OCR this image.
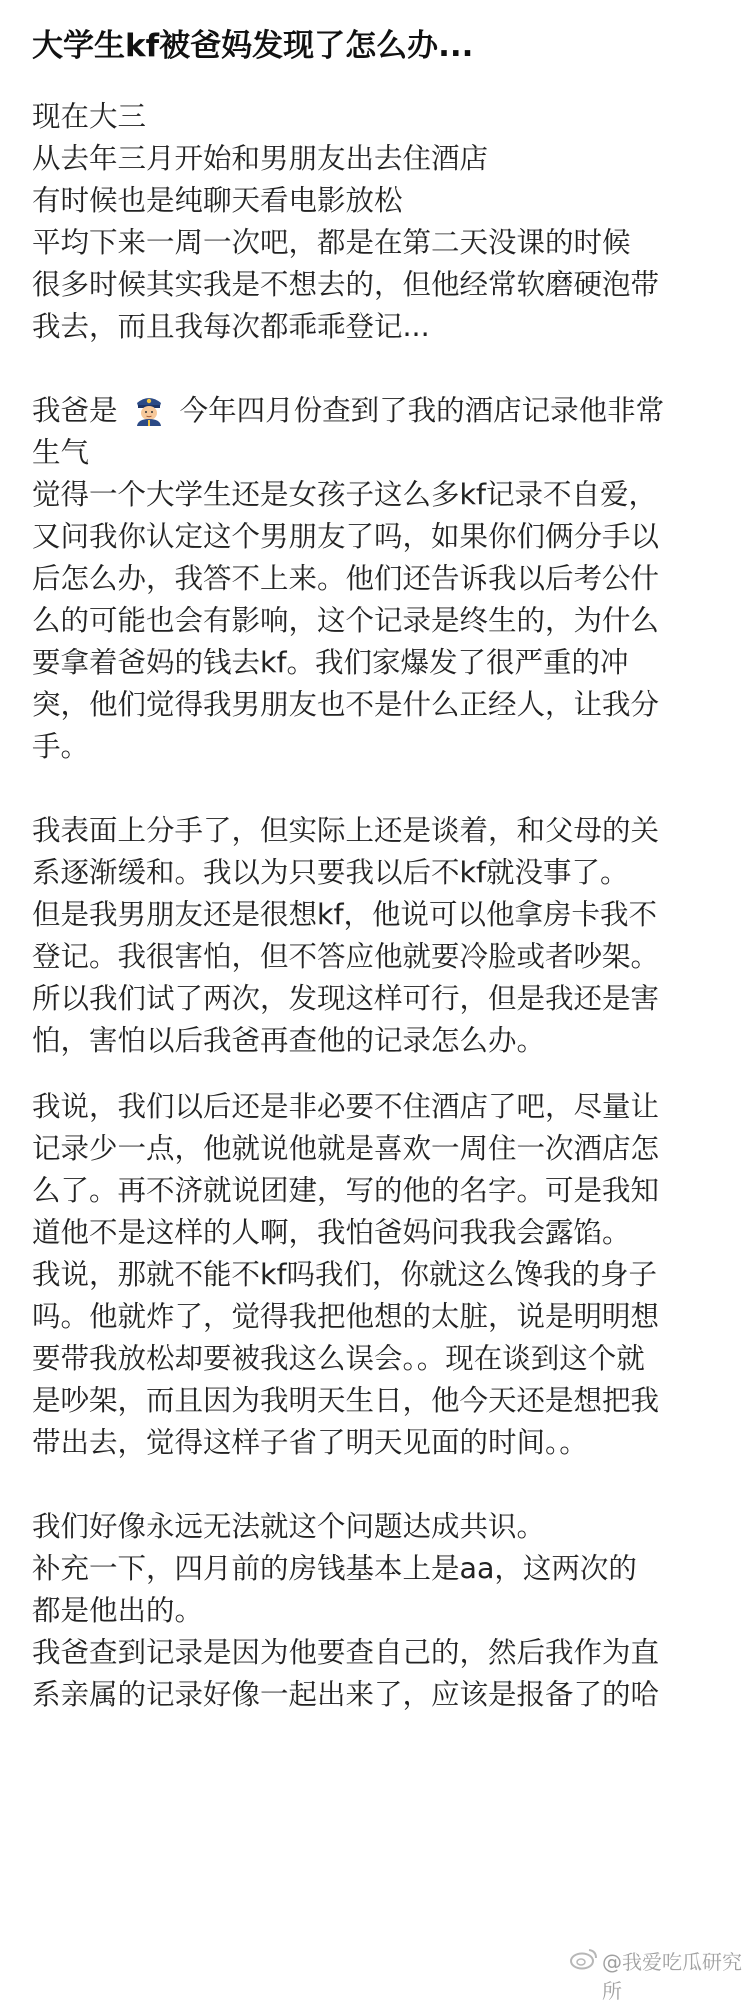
大学生kf被爸妈发现了怎么办...
现在大三
从去年三月开始和男朋友出去住酒店
有时候也是纯聊天看电影放松
平均下来一周一次吧，都是在第二天没课的时候
很多时候其实我是不想去的，但他经常软磨硬泡带
我去，而且我每次都乖乖登记...
我爸是 今年四月份查到了我的酒店记录他非常
生气
觉得一个大学生还是女孩子这么多kf记录不自爱，
又问我你认定这个男朋友了吗，如果你们俩分手以
后怎么办，我答不上来。他们还告诉我以后考公什
么的可能也会有影响，这个记录是终生的，为什么
要拿着爸妈的钱去kf。我们家爆发了很严重的冲
突，他们觉得我男朋友也不是什么正经人，让我分
手。
我表面上分手了，但实际上还是谈着，和父母的关
系逐渐缓和。我以为只要我以后不kf就没事了。
但是我男朋友还是很想kf，他说可以他拿房卡我不
登记。我很害怕，但不答应他就要冷脸或者吵架。
所以我们试了两次，发现这样可行，但是我还是害
怕，害怕以后我爸再查他的记录怎么办。
我说，我们以后还是非必要不住酒店了吧，尽量让
记录少一点，他就说他就是喜欢一周住一次酒店怎
么了。再不济就说团建，写的他的名字。可是我知
道他不是这样的人啊，我怕爸妈问我我会露馅。
我说，那就不能不kf吗我们，你就这么馋我的身子
吗。他就炸了，觉得我把他想的太脏，说是明明想
要带我放松却要被我这么误会。。现在谈到这个就
是吵架，而且因为我明天生日，他今天还是想把我
带出去，觉得这样子省了明天见面的时间。。
我们好像永远无法就这个问题达成共识。
补充一下，四月前的房钱基本上是aa，这两次的
都是他出的。
我爸查到记录是因为他要查自己的，然后我作为直
系亲属的记录好像一起出来了，应该是报备了的哈
@我爱吃瓜研究所
